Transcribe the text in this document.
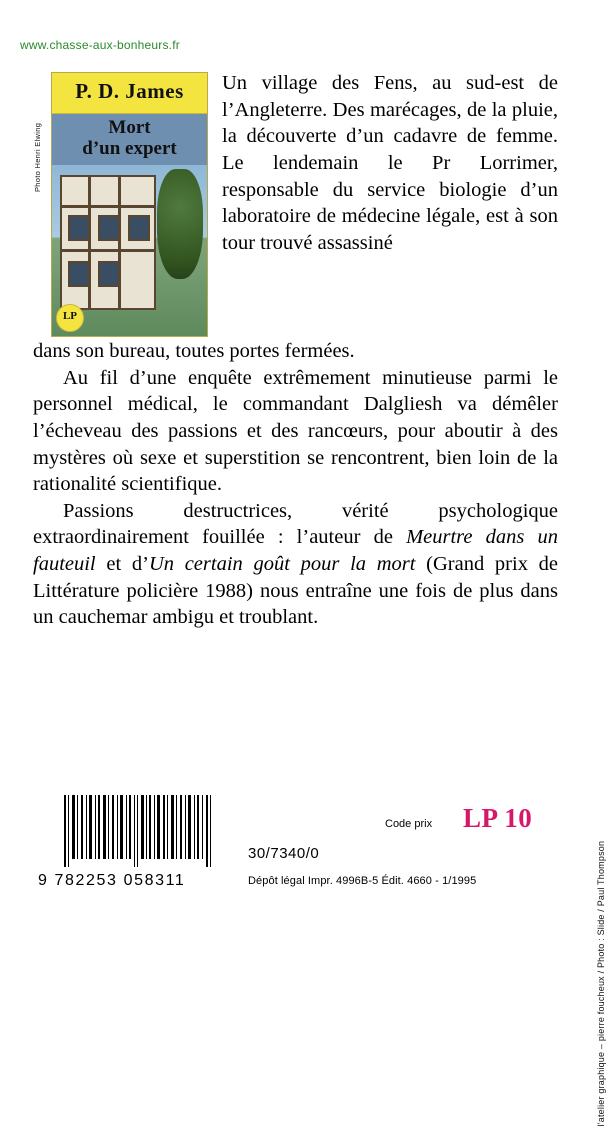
www.chasse-aux-bonheurs.fr
Photo Henri Elwing
P. D. James
Mort
d’un expert
LP

Un village des Fens, au sud-est de l’Angleterre. Des marécages, de la pluie, la découverte d’un cadavre de femme. Le lendemain le Pr Lorrimer, responsable du service biologie d’un laboratoire de médecine légale, est à son tour trouvé assassiné

dans son bureau, toutes portes fermées.

Au fil d’une enquête extrêmement minutieuse parmi le personnel médical, le commandant Dalgliesh va démêler l’écheveau des passions et des rancœurs, pour aboutir à des mystères où sexe et superstition se rencontrent, bien loin de la rationalité scientifique.

Passions destructrices, vérité psychologique extraordinairement fouillée : l’auteur de Meurtre dans un fauteuil et d’Un certain goût pour la mort (Grand prix de Littérature policière 1988) nous entraîne une fois de plus dans un cauchemar ambigu et troublant.

l’atelier graphique – pierre foucheux / Photo : Slide / Paul Thompson
9 782253 058311
Code prix LP 10
30/7340/0
Dépôt légal Impr. 4996B-5 Édit. 4660 - 1/1995
